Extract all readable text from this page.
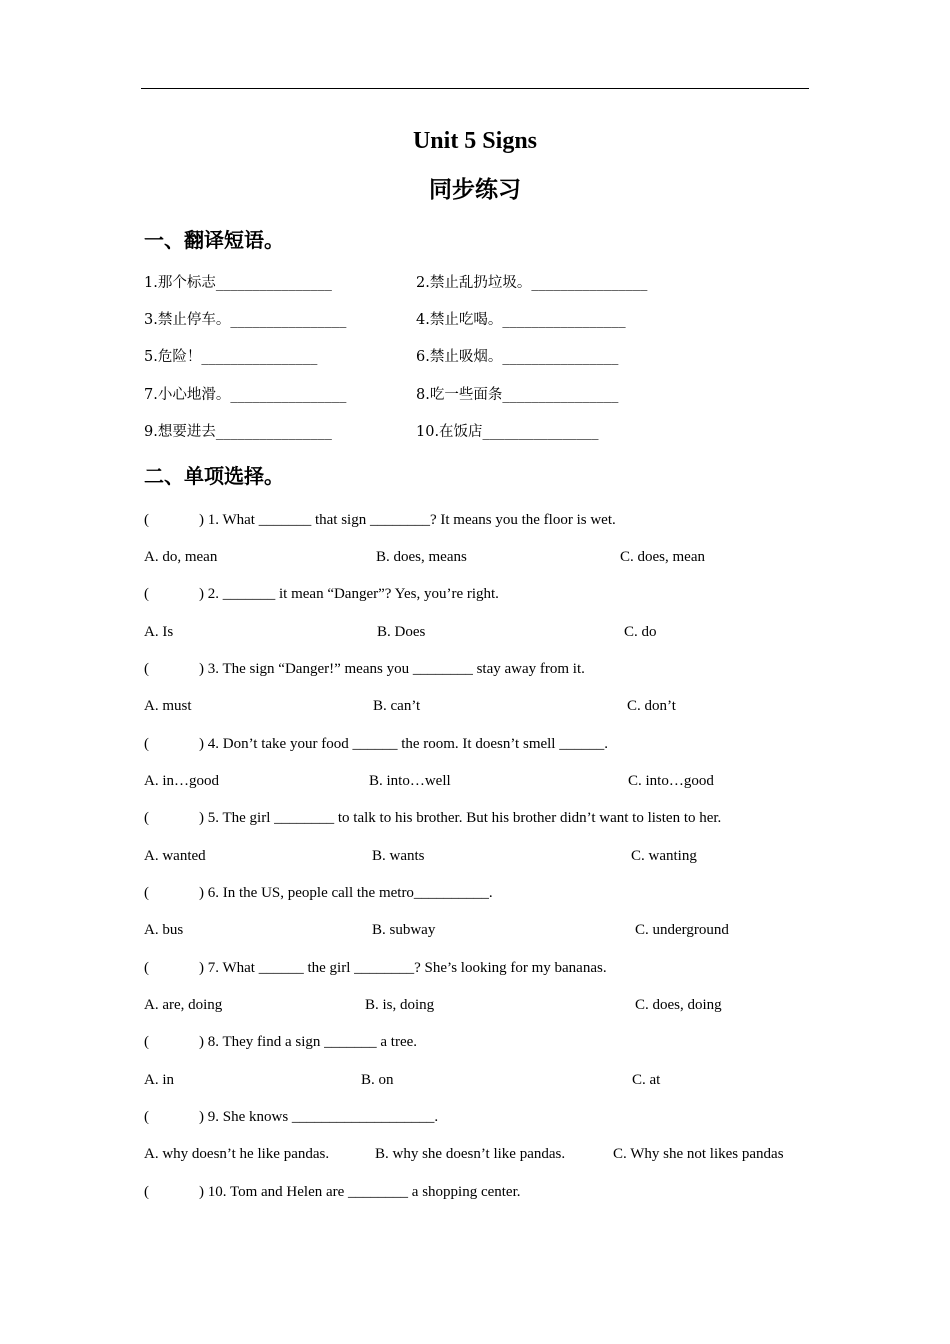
Unit 5 Signs
同步练习
一、翻译短语。
1.那个标志________________	2.禁止乱扔垃圾。________________
3.禁止停车。________________	4.禁止吃喝。_________________
5.危险！________________	6.禁止吸烟。________________
7.小心地滑。________________	8.吃一些面条________________
9.想要进去________________	10.在饭店________________
二、单项选择。
(	) 1. What _______ that sign ________? It means you the floor is wet.
A. do, mean	B. does, means	C. does, mean
(	) 2. _______ it mean “Danger”? Yes, you’re right.
A. Is	B. Does	C. do
(	) 3. The sign “Danger!” means you ________ stay away from it.
A. must	B. can’t	C. don’t
(	) 4. Don’t take your food ______ the room. It doesn’t smell ______.
A. in…good	B. into…well	C. into…good
(	) 5. The girl ________ to talk to his brother. But his brother didn’t want to listen to her.
A. wanted	B. wants	C. wanting
(	) 6. In the US, people call the metro__________.
A. bus	B. subway	C. underground
(	) 7. What ______ the girl ________? She’s looking for my bananas.
A. are, doing	B. is, doing	C. does, doing
(	) 8. They find a sign _______ a tree.
A. in	B. on	C. at
(	) 9. She knows ___________________.
A. why doesn’t he like pandas.	B. why she doesn’t like pandas.	C. Why she not likes pandas
(	) 10. Tom and Helen are ________ a shopping center.
